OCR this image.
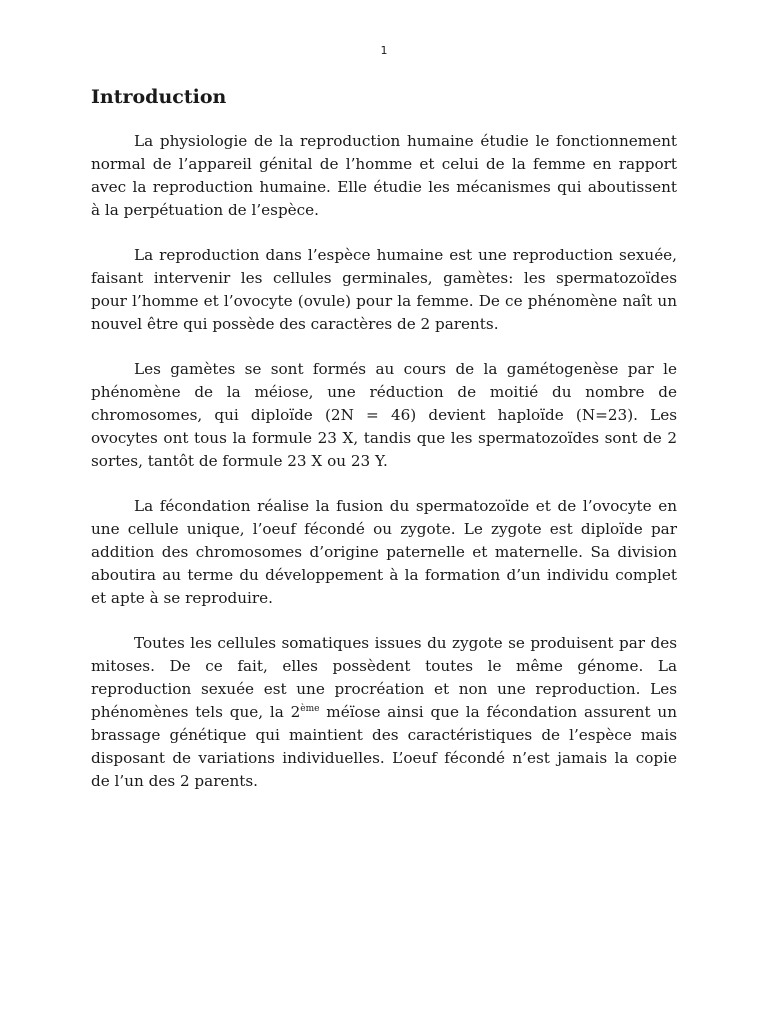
1
Introduction

La physiologie de la reproduction humaine étudie le fonctionnement normal de l’appareil génital de l’homme et celui de la femme en rapport avec la reproduction humaine. Elle étudie les mécanismes qui aboutissent à la perpétuation de l’espèce.

La reproduction dans l’espèce humaine est une reproduction sexuée, faisant intervenir les cellules germinales, gamètes: les spermatozoïdes pour l’homme et l’ovocyte (ovule) pour la femme. De ce phénomène naît un nouvel être qui possède des caractères de 2 parents.

Les gamètes se sont formés au cours de la gamétogenèse par le phénomène de la méiose, une réduction de moitié du nombre de chromosomes, qui diploïde (2N = 46) devient haploïde (N=23). Les ovocytes ont tous la formule 23 X, tandis que les spermatozoïdes sont de 2 sortes, tantôt de formule 23 X ou 23 Y.

La fécondation réalise la fusion du spermatozoïde et de l’ovocyte en une cellule unique, l’oeuf fécondé ou zygote. Le zygote est diploïde par addition des chromosomes d’origine paternelle et maternelle. Sa division aboutira au terme du développement à la formation d’un individu complet et apte à se reproduire.

Toutes les cellules somatiques issues du zygote se produisent par des mitoses. De ce fait, elles possèdent toutes le même génome. La reproduction sexuée est une procréation et non une reproduction. Les phénomènes tels que, la 2ème méïose ainsi que la fécondation assurent un brassage génétique qui maintient des caractéristiques de l’espèce mais disposant de variations individuelles. L’oeuf fécondé n’est jamais la copie de l’un des 2 parents.
